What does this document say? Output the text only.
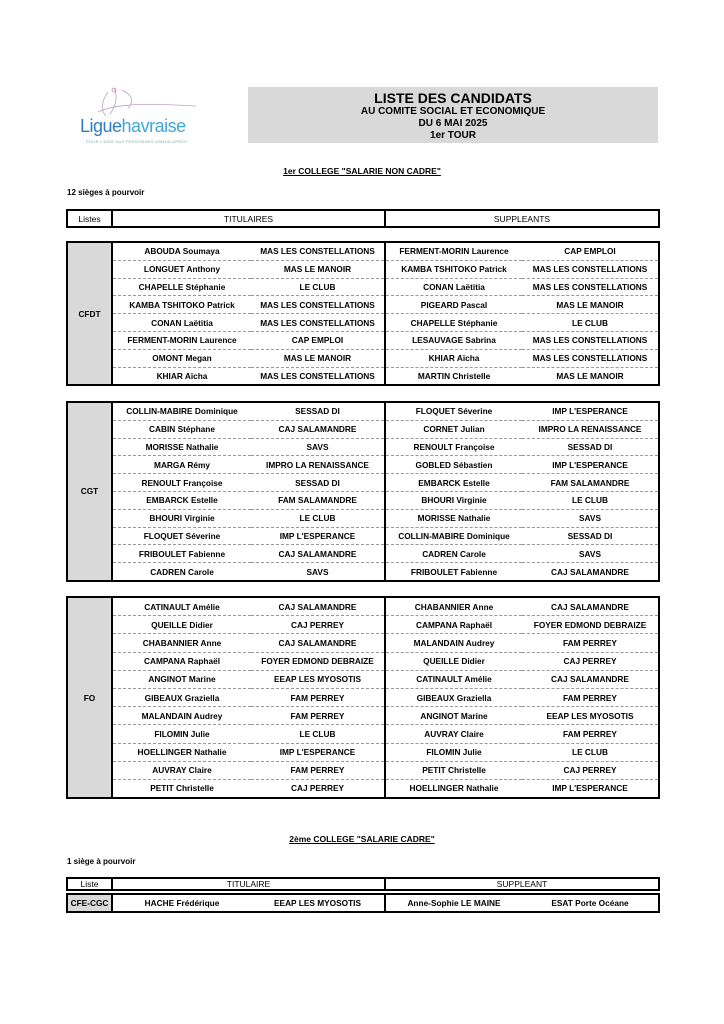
Liguehavraise
POUR L'AIDE AUX PERSONNES HANDICAPÉES
LISTE DES CANDIDATS
AU COMITE SOCIAL ET ECONOMIQUE
DU 6 MAI 2025
1er TOUR
1er COLLEGE "SALARIE NON CADRE"
12 sièges à pourvoir
2ème COLLEGE "SALARIE CADRE"
1 siège à pourvoir
Listes	TITULAIRES	SUPPLEANTS
CFDT	ABOUDA Soumaya	MAS LES CONSTELLATIONS	FERMENT-MORIN Laurence	CAP EMPLOI
	LONGUET Anthony	MAS LE MANOIR	KAMBA TSHITOKO Patrick	MAS LES CONSTELLATIONS
	CHAPELLE Stéphanie	LE CLUB	CONAN Laëtitia	MAS LES CONSTELLATIONS
	KAMBA TSHITOKO Patrick	MAS LES CONSTELLATIONS	PIGEARD Pascal	MAS LE MANOIR
	CONAN Laëtitia	MAS LES CONSTELLATIONS	CHAPELLE Stéphanie	LE CLUB
	FERMENT-MORIN Laurence	CAP EMPLOI	LESAUVAGE Sabrina	MAS LES CONSTELLATIONS
	OMONT Megan	MAS LE MANOIR	KHIAR Aïcha	MAS LES CONSTELLATIONS
	KHIAR Aïcha	MAS LES CONSTELLATIONS	MARTIN Christelle	MAS LE MANOIR
CGT	COLLIN-MABIRE Dominique	SESSAD DI	FLOQUET Séverine	IMP L'ESPERANCE
	CABIN Stéphane	CAJ SALAMANDRE	CORNET Julian	IMPRO LA RENAISSANCE
	MORISSE Nathalie	SAVS	RENOULT Françoise	SESSAD DI
	MARGA Rémy	IMPRO LA RENAISSANCE	GOBLED Sébastien	IMP L'ESPERANCE
	RENOULT Françoise	SESSAD DI	EMBARCK Estelle	FAM SALAMANDRE
	EMBARCK Estelle	FAM SALAMANDRE	BHOURI Virginie	LE CLUB
	BHOURI Virginie	LE CLUB	MORISSE Nathalie	SAVS
	FLOQUET Séverine	IMP L'ESPERANCE	COLLIN-MABIRE Dominique	SESSAD DI
	FRIBOULET Fabienne	CAJ SALAMANDRE	CADREN Carole	SAVS
	CADREN Carole	SAVS	FRIBOULET Fabienne	CAJ SALAMANDRE
FO	CATINAULT Amélie	CAJ SALAMANDRE	CHABANNIER Anne	CAJ SALAMANDRE
	QUEILLE Didier	CAJ PERREY	CAMPANA Raphaël	FOYER EDMOND DEBRAIZE
	CHABANNIER Anne	CAJ SALAMANDRE	MALANDAIN Audrey	FAM PERREY
	CAMPANA Raphaël	FOYER EDMOND DEBRAIZE	QUEILLE Didier	CAJ PERREY
	ANGINOT Marine	EEAP LES MYOSOTIS	CATINAULT Amélie	CAJ SALAMANDRE
	GIBEAUX Graziella	FAM PERREY	GIBEAUX Graziella	FAM PERREY
	MALANDAIN Audrey	FAM PERREY	ANGINOT Marine	EEAP LES MYOSOTIS
	FILOMIN Julie	LE CLUB	AUVRAY Claire	FAM PERREY
	HOELLINGER Nathalie	IMP L'ESPERANCE	FILOMIN Julie	LE CLUB
	AUVRAY Claire	FAM PERREY	PETIT Christelle	CAJ PERREY
	PETIT Christelle	CAJ PERREY	HOELLINGER Nathalie	IMP L'ESPERANCE
Liste	TITULAIRE	SUPPLEANT
CFE-CGC	HACHE Frédérique	EEAP LES MYOSOTIS	Anne-Sophie LE MAINE	ESAT Porte Océane
